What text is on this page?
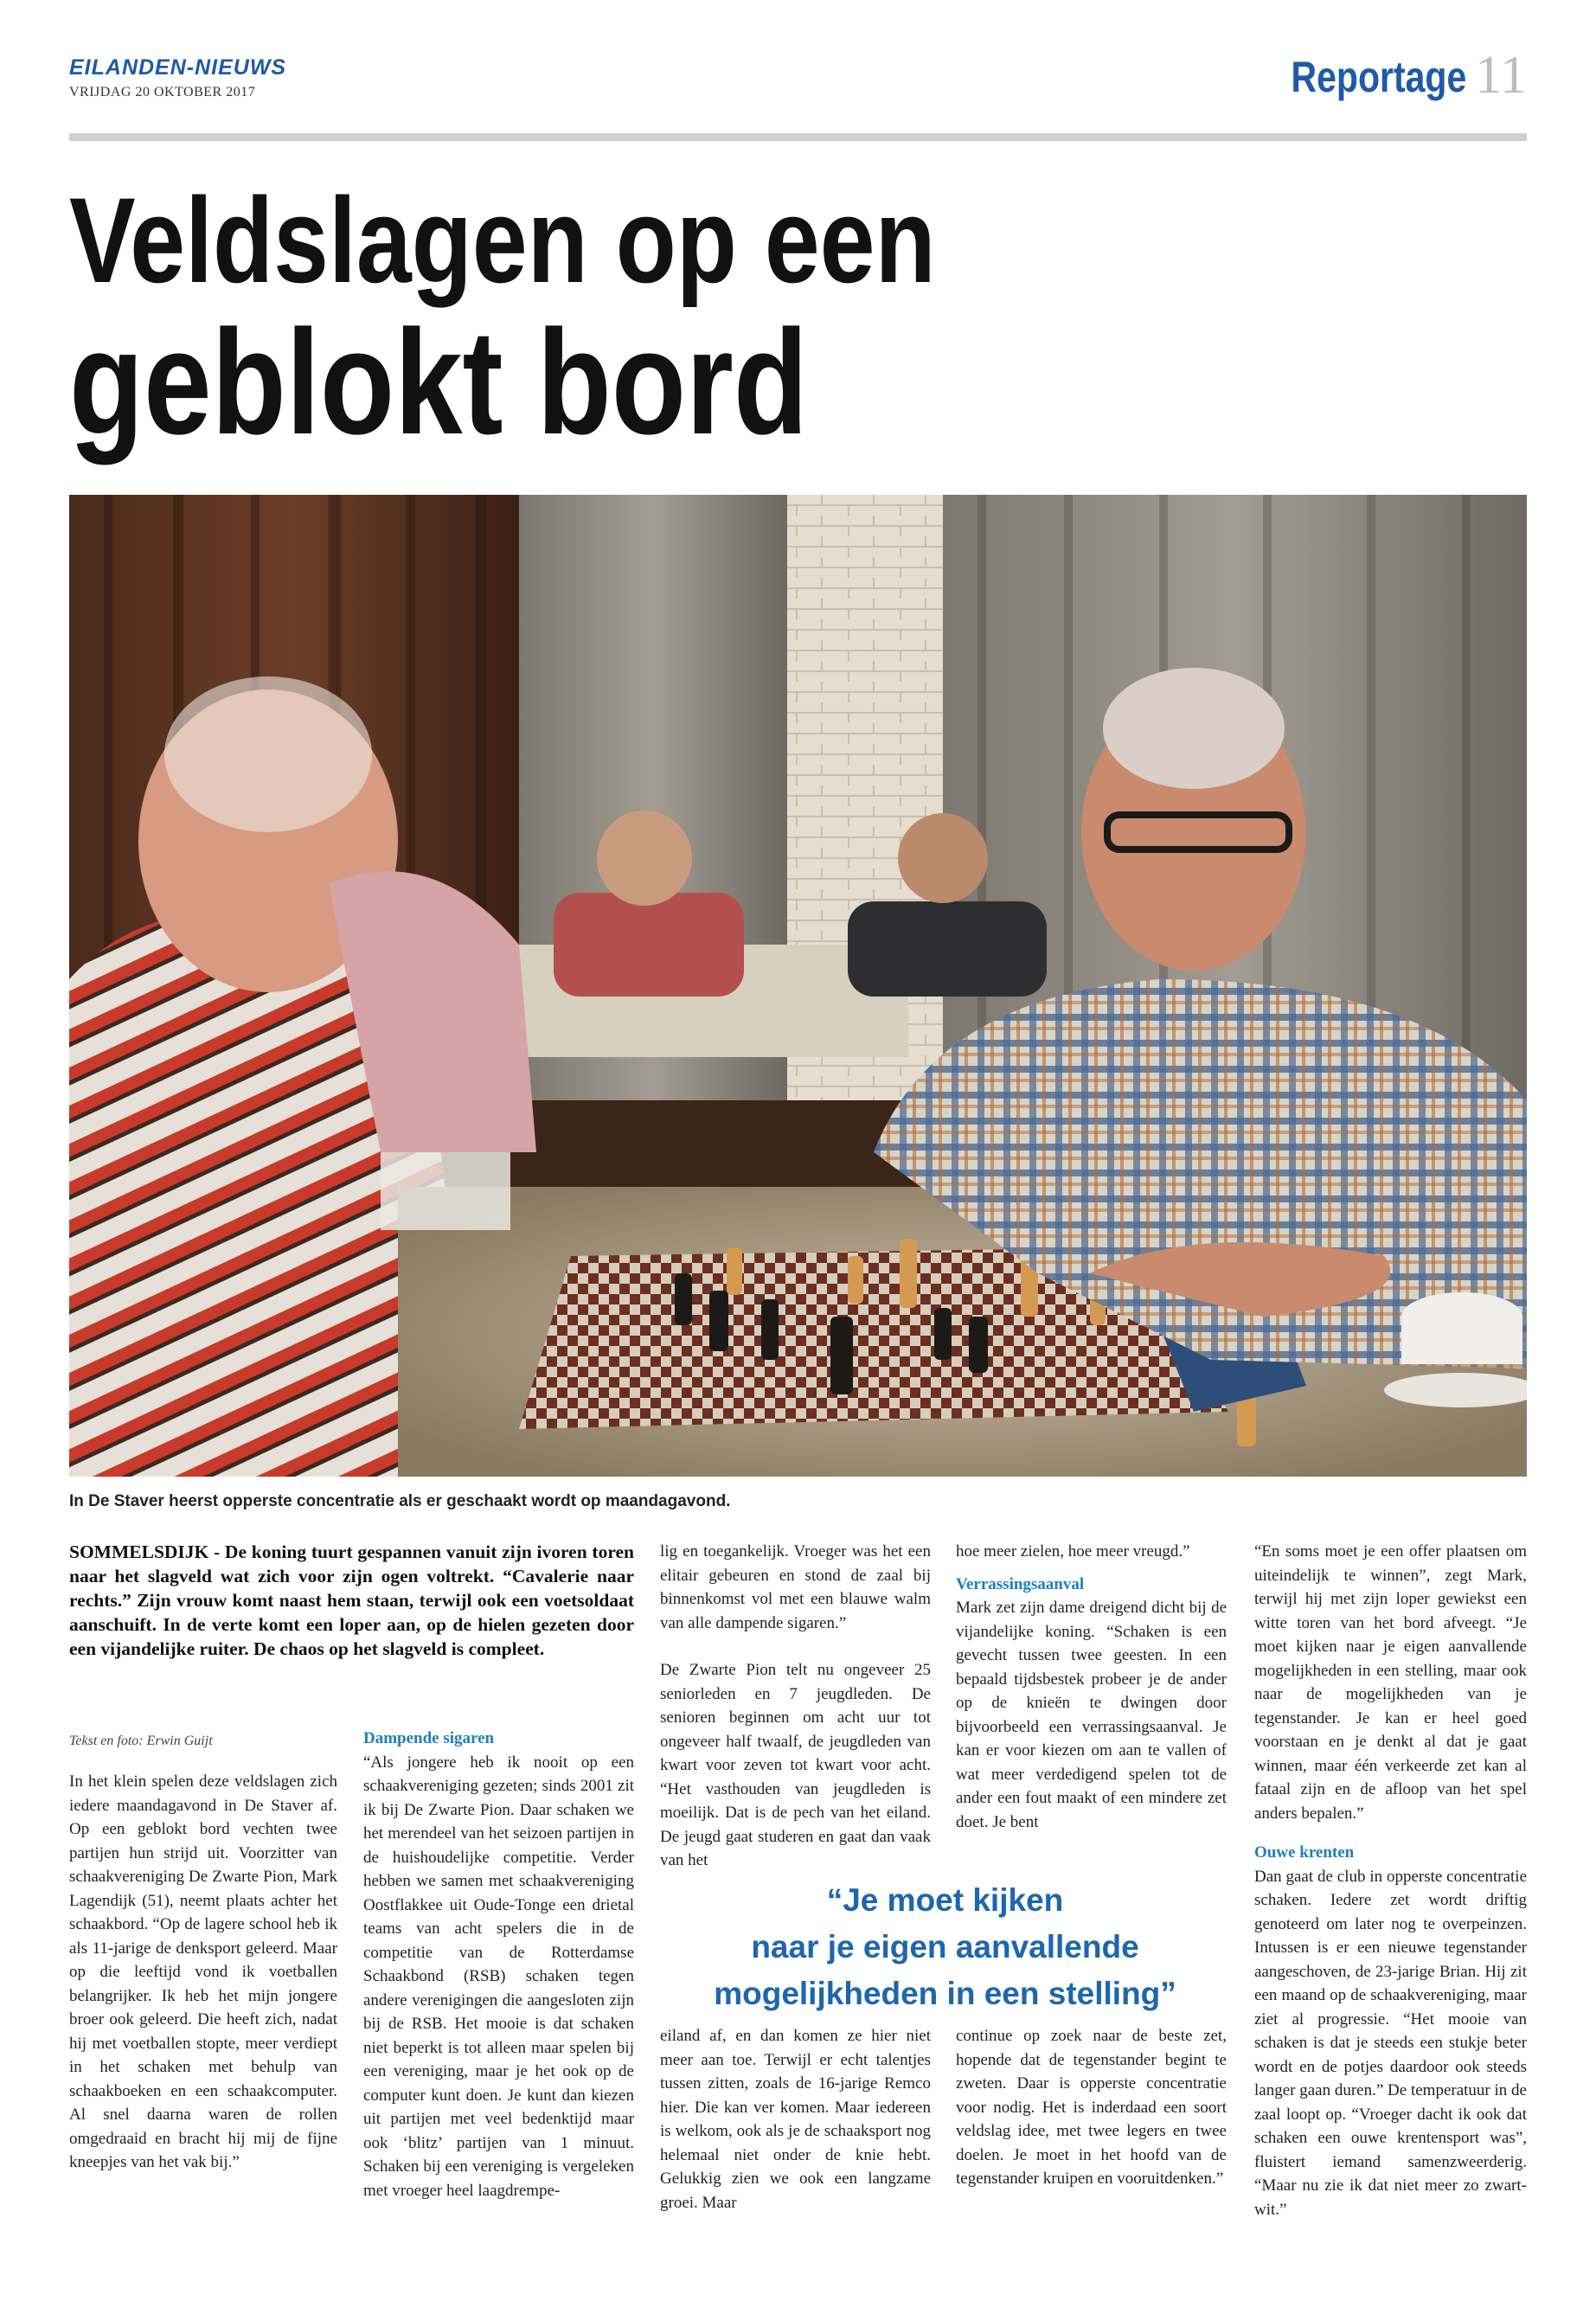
EILANDEN-NIEUWS
VRIJDAG 20 OKTOBER 2017	Reportage 11
Veldslagen op een
geblokt bord
In De Staver heerst opperste concentratie als er geschaakt wordt op maandagavond.
SOMMELSDIJK - De koning tuurt gespannen vanuit zijn ivoren toren naar het slagveld wat zich voor zijn ogen voltrekt. “Cavalerie naar rechts.” Zijn vrouw komt naast hem staan, terwijl ook een voetsoldaat aanschuift. In de verte komt een loper aan, op de hielen gezeten door een vijandelijke ruiter. De chaos op het slagveld is compleet.
Tekst en foto: Erwin Guijt

In het klein spelen deze veldslagen zich iedere maandagavond in De Staver af. Op een geblokt bord vechten twee partijen hun strijd uit. Voorzitter van schaakvereniging De Zwarte Pion, Mark Lagendijk (51), neemt plaats achter het schaakbord. “Op de lagere school heb ik als 11-jarige de denksport geleerd. Maar op die leeftijd vond ik voetballen belangrijker. Ik heb het mijn jongere broer ook geleerd. Die heeft zich, nadat hij met voetballen stopte, meer verdiept in het schaken met behulp van schaakboeken en een schaakcomputer. Al snel daarna waren de rollen omgedraaid en bracht hij mij de fijne kneepjes van het vak bij.”

Dampende sigaren

“Als jongere heb ik nooit op een schaakvereniging gezeten; sinds 2001 zit ik bij De Zwarte Pion. Daar schaken we het merendeel van het seizoen partijen in de huishoudelijke competitie. Verder hebben we samen met schaakvereniging Oostflakkee uit Oude-Tonge een drietal teams van acht spelers die in de competitie van de Rotterdamse Schaakbond (RSB) schaken tegen andere verenigingen die aangesloten zijn bij de RSB. Het mooie is dat schaken niet beperkt is tot alleen maar spelen bij een vereniging, maar je het ook op de computer kunt doen. Je kunt dan kiezen uit partijen met veel bedenktijd maar ook ‘blitz’ partijen van 1 minuut. Schaken bij een vereniging is vergeleken met vroeger heel laagdrempe-

lig en toegankelijk. Vroeger was het een elitair gebeuren en stond de zaal bij binnenkomst vol met een blauwe walm van alle dampende sigaren.”

De Zwarte Pion telt nu ongeveer 25 seniorleden en 7 jeugdleden. De senioren beginnen om acht uur tot ongeveer half twaalf, de jeugdleden van kwart voor zeven tot kwart voor acht. “Het vasthouden van jeugdleden is moeilijk. Dat is de pech van het eiland. De jeugd gaat studeren en gaat dan vaak van het

hoe meer zielen, hoe meer vreugd.”

Verrassingsaanval

Mark zet zijn dame dreigend dicht bij de vijandelijke koning. “Schaken is een gevecht tussen twee geesten. In een bepaald tijdsbestek probeer je de ander op de knieën te dwingen door bijvoorbeeld een verrassingsaanval. Je kan er voor kiezen om aan te vallen of wat meer verdedigend spelen tot de ander een fout maakt of een mindere zet doet. Je bent

“Je moet kijken
naar je eigen aanvallende
mogelijkheden in een stelling”

eiland af, en dan komen ze hier niet meer aan toe. Terwijl er echt talentjes tussen zitten, zoals de 16-jarige Remco hier. Die kan ver komen. Maar iedereen is welkom, ook als je de schaaksport nog helemaal niet onder de knie hebt. Gelukkig zien we ook een langzame groei. Maar

continue op zoek naar de beste zet, hopende dat de tegenstander begint te zweten. Daar is opperste concentratie voor nodig. Het is inderdaad een soort veldslag idee, met twee legers en twee doelen. Je moet in het hoofd van de tegenstander kruipen en vooruitdenken.”

“En soms moet je een offer plaatsen om uiteindelijk te winnen”, zegt Mark, terwijl hij met zijn loper gewiekst een witte toren van het bord afveegt. “Je moet kijken naar je eigen aanvallende mogelijkheden in een stelling, maar ook naar de mogelijkheden van je tegenstander. Je kan er heel goed voorstaan en je denkt al dat je gaat winnen, maar één verkeerde zet kan al fataal zijn en de afloop van het spel anders bepalen.”

Ouwe krenten

Dan gaat de club in opperste concentratie schaken. Iedere zet wordt driftig genoteerd om later nog te overpeinzen. Intussen is er een nieuwe tegenstander aangeschoven, de 23-jarige Brian. Hij zit een maand op de schaakvereniging, maar ziet al progressie. “Het mooie van schaken is dat je steeds een stukje beter wordt en de potjes daardoor ook steeds langer gaan duren.” De temperatuur in de zaal loopt op. “Vroeger dacht ik ook dat schaken een ouwe krentensport was”, fluistert iemand samenzweerderig. “Maar nu zie ik dat niet meer zo zwart-wit.”
